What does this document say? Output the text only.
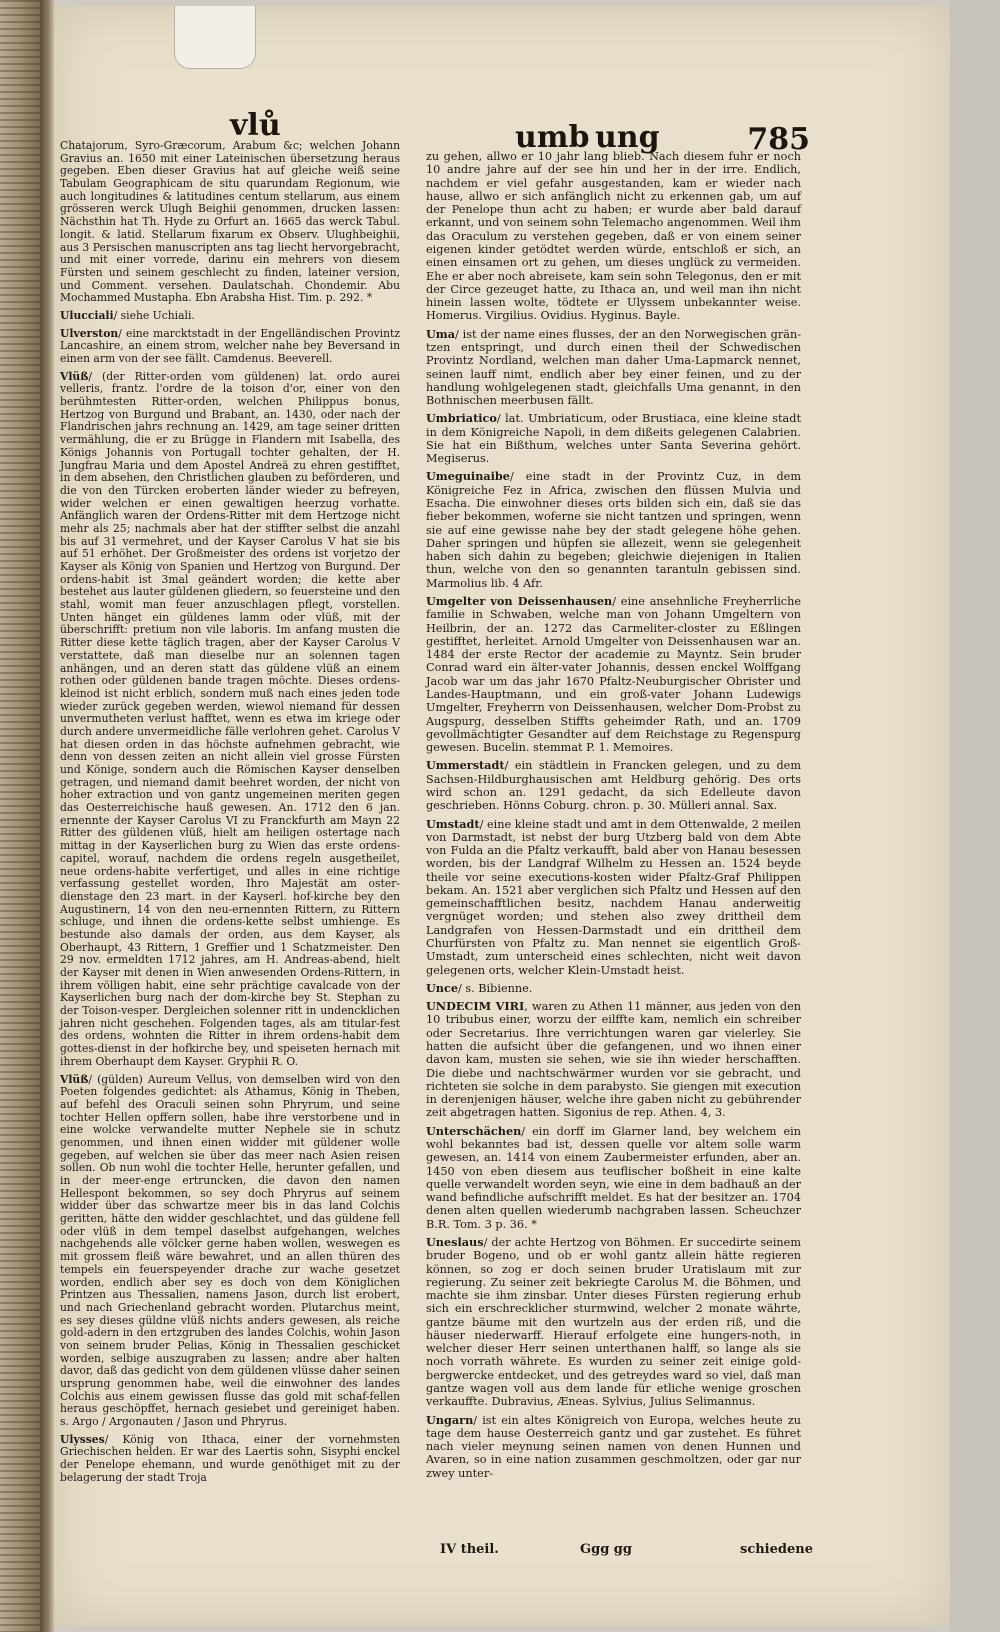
vlů	umb ung	785

Chatajorum, Syro-Græcorum, Arabum &c; welchen Johann Gravius an. 1650 mit einer Lateinischen übersetzung heraus gegeben. Eben dieser Gravius hat auf gleiche weiß seine Tabulam Geographicam de situ quarundam Regionum, wie auch longitudines & latitudines centum stellarum, aus einem grösseren werck Ulugh Beighii genommen, drucken lassen: Nächsthin hat Th. Hyde zu Orfurt an. 1665 das werck Tabul. longit. & latid. Stellarum fixarum ex Observ. Ulughbeighii, aus 3 Persischen manuscripten ans tag liecht hervorgebracht, und mit einer vorrede, darinu ein mehrers von diesem Fürsten und seinem geschlecht zu finden, lateiner version, und Comment. versehen. Daulatschah. Chondemir. Abu Mochammed Mustapha. Ebn Arabsha Hist. Tim. p. 292. *

Ulucciali/ siehe Uchiali.

Ulverston/ eine marcktstadt in der Engelländischen Provintz Lancashire, an einem strom, welcher nahe bey Beversand in einen arm von der see fällt. Camdenus. Beeverell.

Vlüß/ (der Ritter-orden vom güldenen) lat. ordo aurei velleris, frantz. l'ordre de la toison d'or, einer von den berühmtesten Ritter-orden, welchen Philippus bonus, Hertzog von Burgund und Brabant, an. 1430, oder nach der Flandrischen jahrs rechnung an. 1429, am tage seiner dritten vermählung, die er zu Brügge in Flandern mit Isabella, des Königs Johannis von Portugall tochter gehalten, der H. Jungfrau Maria und dem Apostel Andreä zu ehren gestifftet, in dem absehen, den Christlichen glauben zu beförderen, und die von den Türcken eroberten länder wieder zu befreyen, wider welchen er einen gewaltigen heerzug vorhatte. Anfänglich waren der Ordens-Ritter mit dem Hertzoge nicht mehr als 25; nachmals aber hat der stiffter selbst die anzahl bis auf 31 vermehret, und der Kayser Carolus V hat sie bis auf 51 erhöhet. Der Großmeister des ordens ist vorjetzo der Kayser als König von Spanien und Hertzog von Burgund. Der ordens-habit ist 3mal geändert worden; die kette aber bestehet aus lauter güldenen gliedern, so feuersteine und den stahl, womit man feuer anzuschlagen pflegt, vorstellen. Unten hänget ein güldenes lamm oder vlüß, mit der überschrifft: pretium non vile laboris. Im anfang musten die Ritter diese kette täglich tragen, aber der Kayser Carolus V verstattete, daß man dieselbe nur an solennen tagen anhängen, und an deren statt das güldene vlüß an einem rothen oder güldenen bande tragen möchte. Dieses ordens-kleinod ist nicht erblich, sondern muß nach eines jeden tode wieder zurück gegeben werden, wiewol niemand für dessen unvermutheten verlust hafftet, wenn es etwa im kriege oder durch andere unvermeidliche fälle verlohren gehet. Carolus V hat diesen orden in das höchste aufnehmen gebracht, wie denn von dessen zeiten an nicht allein viel grosse Fürsten und Könige, sondern auch die Römischen Kayser denselben getragen, und niemand damit beehret worden, der nicht von hoher extraction und von gantz ungemeinen meriten gegen das Oesterreichische hauß gewesen. An. 1712 den 6 jan. ernennte der Kayser Carolus VI zu Franckfurth am Mayn 22 Ritter des güldenen vlüß, hielt am heiligen ostertage nach mittag in der Kayserlichen burg zu Wien das erste ordens-capitel, worauf, nachdem die ordens regeln ausgetheilet, neue ordens-habite verfertiget, und alles in eine richtige verfassung gestellet worden, Ihro Majestät am oster-dienstage den 23 mart. in der Kayserl. hof-kirche bey den Augustinern, 14 von den neu-ernennten Rittern, zu Rittern schluge, und ihnen die ordens-kette selbst umhienge. Es bestunde also damals der orden, aus dem Kayser, als Oberhaupt, 43 Rittern, 1 Greffier und 1 Schatzmeister. Den 29 nov. ermeldten 1712 jahres, am H. Andreas-abend, hielt der Kayser mit denen in Wien anwesenden Ordens-Rittern, in ihrem völligen habit, eine sehr prächtige cavalcade von der Kayserlichen burg nach der dom-kirche bey St. Stephan zu der Toison-vesper. Dergleichen solenner ritt in undencklichen jahren nicht geschehen. Folgenden tages, als am titular-fest des ordens, wohnten die Ritter in ihrem ordens-habit dem gottes-dienst in der hofkirche bey, und speiseten hernach mit ihrem Oberhaupt dem Kayser. Gryphii R. O.

Vlüß/ (gülden) Aureum Vellus, von demselben wird von den Poeten folgendes gedichtet: als Athamus, König in Theben, auf befehl des Oraculi seinen sohn Phryrum, und seine tochter Hellen opffern sollen, habe ihre verstorbene und in eine wolcke verwandelte mutter Nephele sie in schutz genommen, und ihnen einen widder mit güldener wolle gegeben, auf welchen sie über das meer nach Asien reisen sollen. Ob nun wohl die tochter Helle, herunter gefallen, und in der meer-enge ertruncken, die davon den namen Hellespont bekommen, so sey doch Phryrus auf seinem widder über das schwartze meer bis in das land Colchis geritten, hätte den widder geschlachtet, und das güldene fell oder vlüß in dem tempel daselbst aufgehangen, welches nachgehends alle völcker gerne haben wollen, weswegen es mit grossem fleiß wäre bewahret, und an allen thüren des tempels ein feuerspeyender drache zur wache gesetzet worden, endlich aber sey es doch von dem Königlichen Printzen aus Thessalien, namens Jason, durch list erobert, und nach Griechenland gebracht worden. Plutarchus meint, es sey dieses güldne vlüß nichts anders gewesen, als reiche gold-adern in den ertzgruben des landes Colchis, wohin Jason von seinem bruder Pelias, König in Thessalien geschicket worden, selbige auszugraben zu lassen; andre aber halten davor, daß das gedicht von dem güldenen vlüsse daher seinen ursprung genommen habe, weil die einwohner des landes Colchis aus einem gewissen flusse das gold mit schaf-fellen heraus geschöpffet, hernach gesiebet und gereiniget haben. s. Argo / Argonauten / Jason und Phryrus.

Ulysses/ König von Ithaca, einer der vornehmsten Griechischen helden. Er war des Laertis sohn, Sisyphi enckel der Penelope ehemann, und wurde genöthiget mit zu der belagerung der stadt Troja

zu gehen, allwo er 10 jahr lang blieb. Nach diesem fuhr er noch 10 andre jahre auf der see hin und her in der irre. Endlich, nachdem er viel gefahr ausgestanden, kam er wieder nach hause, allwo er sich anfänglich nicht zu erkennen gab, um auf der Penelope thun acht zu haben; er wurde aber bald darauf erkannt, und von seinem sohn Telemacho angenommen. Weil ihm das Oraculum zu verstehen gegeben, daß er von einem seiner eigenen kinder getödtet werden würde, entschloß er sich, an einen einsamen ort zu gehen, um dieses unglück zu vermeiden. Ehe er aber noch abreisete, kam sein sohn Telegonus, den er mit der Circe gezeuget hatte, zu Ithaca an, und weil man ihn nicht hinein lassen wolte, tödtete er Ulyssem unbekannter weise. Homerus. Virgilius. Ovidius. Hyginus. Bayle.

Uma/ ist der name eines flusses, der an den Norwegischen grän-tzen entspringt, und durch einen theil der Schwedischen Provintz Nordland, welchen man daher Uma-Lapmarck nennet, seinen lauff nimt, endlich aber bey einer feinen, und zu der handlung wohlgelegenen stadt, gleichfalls Uma genannt, in den Bothnischen meerbusen fällt.

Umbriatico/ lat. Umbriaticum, oder Brustiaca, eine kleine stadt in dem Königreiche Napoli, in dem dißeits gelegenen Calabrien. Sie hat ein Bißthum, welches unter Santa Severina gehört. Megiserus.

Umeguinaibe/ eine stadt in der Provintz Cuz, in dem Königreiche Fez in Africa, zwischen den flüssen Mulvia und Esacha. Die einwohner dieses orts bilden sich ein, daß sie das fieber bekommen, woferne sie nicht tantzen und springen, wenn sie auf eine gewisse nahe bey der stadt gelegene höhe gehen. Daher springen und hüpfen sie allezeit, wenn sie gelegenheit haben sich dahin zu begeben; gleichwie diejenigen in Italien thun, welche von den so genannten tarantuln gebissen sind. Marmolius lib. 4 Afr.

Umgelter von Deissenhausen/ eine ansehnliche Freyherrliche familie in Schwaben, welche man von Johann Umgeltern von Heilbrin, der an. 1272 das Carmeliter-closter zu Eßlingen gestifftet, herleitet. Arnold Umgelter von Deissenhausen war an. 1484 der erste Rector der academie zu Mayntz. Sein bruder Conrad ward ein älter-vater Johannis, dessen enckel Wolffgang Jacob war um das jahr 1670 Pfaltz-Neuburgischer Obrister und Landes-Hauptmann, und ein groß-vater Johann Ludewigs Umgelter, Freyherrn von Deissenhausen, welcher Dom-Probst zu Augspurg, desselben Stiffts geheimder Rath, und an. 1709 gevollmächtigter Gesandter auf dem Reichstage zu Regenspurg gewesen. Bucelin. stemmat P. 1. Memoires.

Ummerstadt/ ein städtlein in Francken gelegen, und zu dem Sachsen-Hildburghausischen amt Heldburg gehörig. Des orts wird schon an. 1291 gedacht, da sich Edelleute davon geschrieben. Hönns Coburg. chron. p. 30. Mülleri annal. Sax.

Umstadt/ eine kleine stadt und amt in dem Ottenwalde, 2 meilen von Darmstadt, ist nebst der burg Utzberg bald von dem Abte von Fulda an die Pfaltz verkaufft, bald aber von Hanau besessen worden, bis der Landgraf Wilhelm zu Hessen an. 1524 beyde theile vor seine executions-kosten wider Pfaltz-Graf Philippen bekam. An. 1521 aber verglichen sich Pfaltz und Hessen auf den gemeinschafftlichen besitz, nachdem Hanau anderweitig vergnüget worden; und stehen also zwey drittheil dem Landgrafen von Hessen-Darmstadt und ein drittheil dem Churfürsten von Pfaltz zu. Man nennet sie eigentlich Groß-Umstadt, zum unterscheid eines schlechten, nicht weit davon gelegenen orts, welcher Klein-Umstadt heist.

Unce/ s. Bibienne.

UNDECIM VIRI, waren zu Athen 11 männer, aus jeden von den 10 tribubus einer, worzu der eilffte kam, nemlich ein schreiber oder Secretarius. Ihre verrichtungen waren gar vielerley. Sie hatten die aufsicht über die gefangenen, und wo ihnen einer davon kam, musten sie sehen, wie sie ihn wieder herschafften. Die diebe und nachtschwärmer wurden vor sie gebracht, und richteten sie solche in dem parabysto. Sie giengen mit execution in derenjenigen häuser, welche ihre gaben nicht zu gebührender zeit abgetragen hatten. Sigonius de rep. Athen. 4, 3.

Unterschächen/ ein dorff im Glarner land, bey welchem ein wohl bekanntes bad ist, dessen quelle vor altem solle warm gewesen, an. 1414 von einem Zaubermeister erfunden, aber an. 1450 von eben diesem aus teuflischer boßheit in eine kalte quelle verwandelt worden seyn, wie eine in dem badhauß an der wand befindliche aufschrifft meldet. Es hat der besitzer an. 1704 denen alten quellen wiederumb nachgraben lassen. Scheuchzer B.R. Tom. 3 p. 36. *

Uneslaus/ der achte Hertzog von Böhmen. Er succedirte seinem bruder Bogeno, und ob er wohl gantz allein hätte regieren können, so zog er doch seinen bruder Uratislaum mit zur regierung. Zu seiner zeit bekriegte Carolus M. die Böhmen, und machte sie ihm zinsbar. Unter dieses Fürsten regierung erhub sich ein erschrecklicher sturmwind, welcher 2 monate währte, gantze bäume mit den wurtzeln aus der erden riß, und die häuser niederwarff. Hierauf erfolgete eine hungers-noth, in welcher dieser Herr seinen unterthanen halff, so lange als sie noch vorrath währete. Es wurden zu seiner zeit einige gold-bergwercke entdecket, und des getreydes ward so viel, daß man gantze wagen voll aus dem lande für etliche wenige groschen verkauffte. Dubravius, Æneas. Sylvius, Julius Selimannus.

Ungarn/ ist ein altes Königreich von Europa, welches heute zu tage dem hause Oesterreich gantz und gar zustehet. Es führet nach vieler meynung seinen namen von denen Hunnen und Avaren, so in eine nation zusammen geschmoltzen, oder gar nur zwey unter-

IV theil.	Ggg gg	schiedene
